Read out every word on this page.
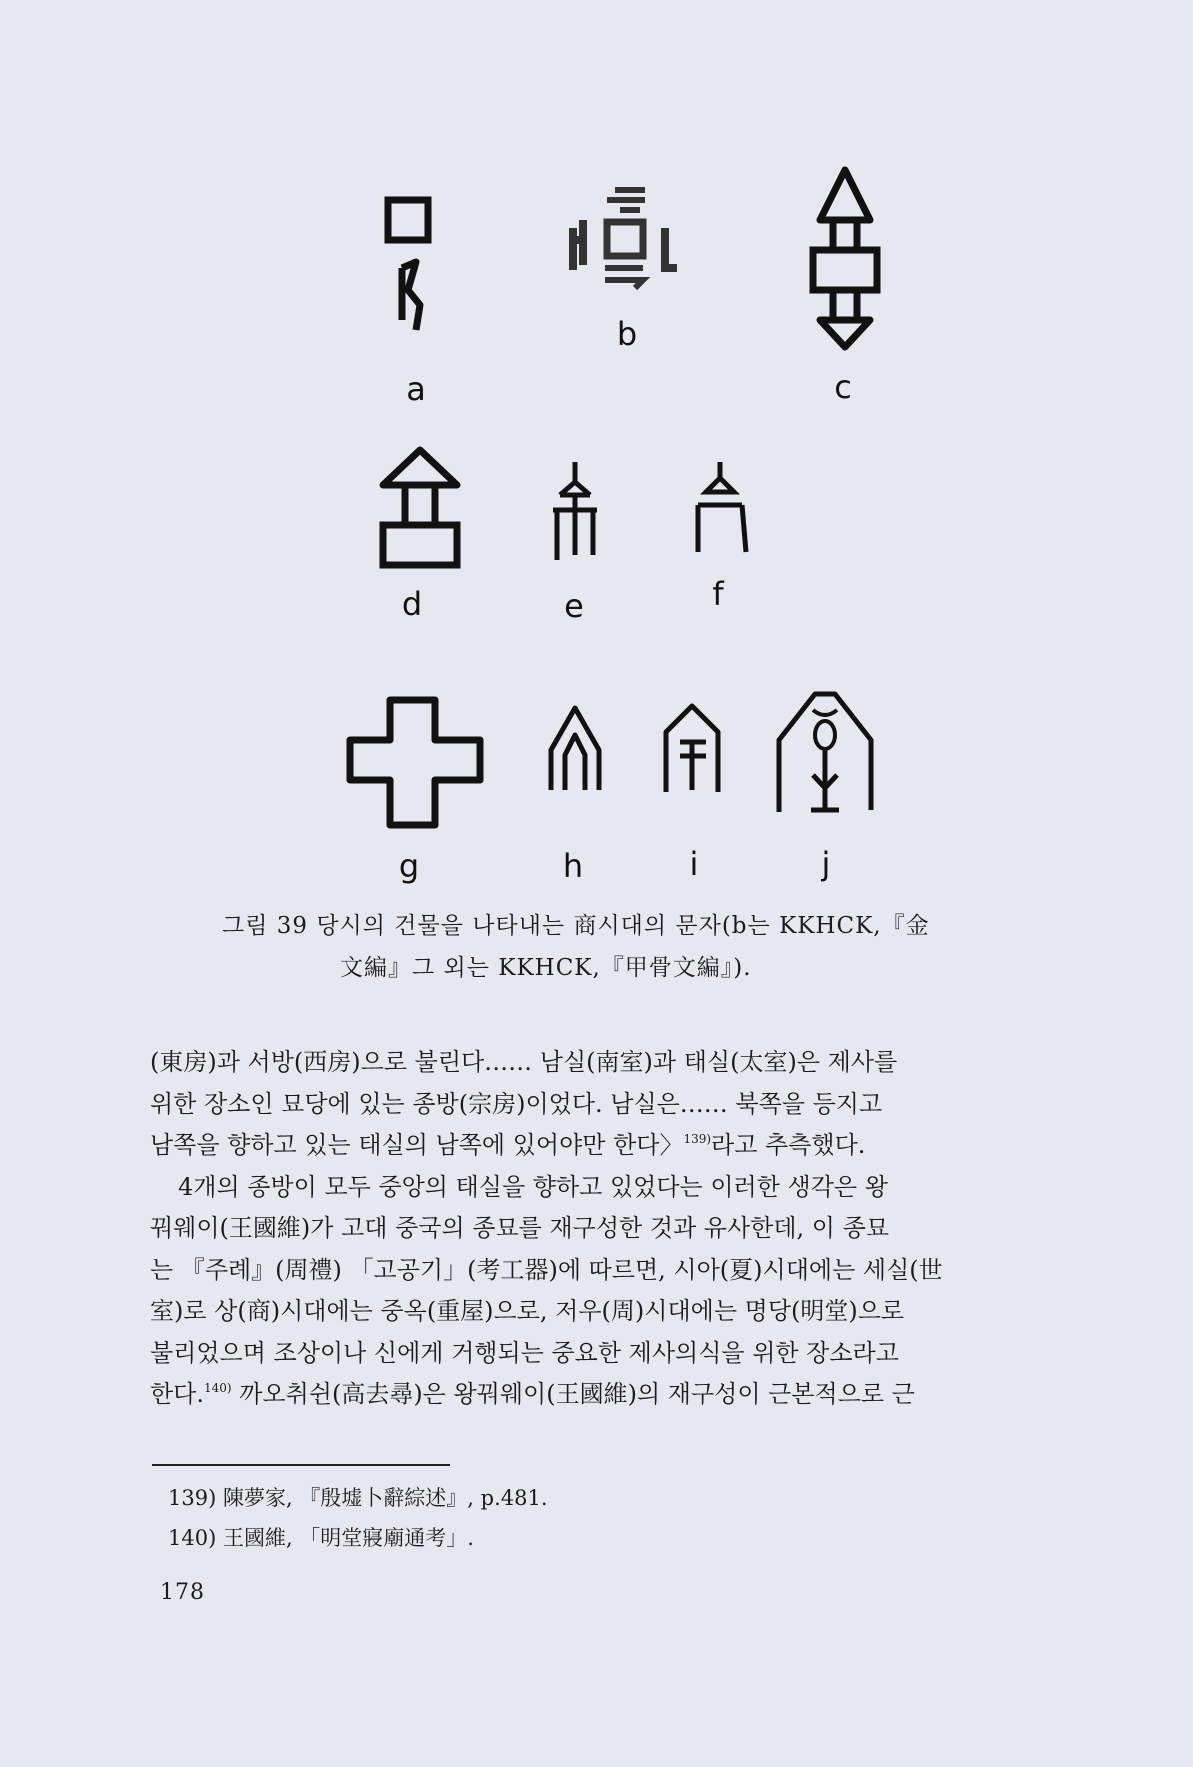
a
b
c
d	e	f
g	h	i	j
그림 39 당시의 건물을 나타내는 商시대의 문자(b는 KKHCK,『金
文編』그 외는 KKHCK,『甲骨文編』).

(東房)과 서방(西房)으로 불린다…… 남실(南室)과 태실(太室)은 제사를
위한 장소인 묘당에 있는 종방(宗房)이었다. 남실은…… 북쪽을 등지고
남쪽을 향하고 있는 태실의 남쪽에 있어야만 한다〉$^{139)}$라고 추측했다.

4개의 종방이 모두 중앙의 태실을 향하고 있었다는 이러한 생각은 왕
꿔웨이(王國維)가 고대 중국의 종묘를 재구성한 것과 유사한데, 이 종묘
는 『주례』(周禮) 「고공기」(考工器)에 따르면, 시아(夏)시대에는 세실(世
室)로 상(商)시대에는 중옥(重屋)으로, 저우(周)시대에는 명당(明堂)으로
불리었으며 조상이나 신에게 거행되는 중요한 제사의식을 위한 장소라고
한다.$^{140)}$ 까오취쉰(高去尋)은 왕꿔웨이(王國維)의 재구성이 근본적으로 근

139) 陳夢家, 『殷墟卜辭綜述』, p.481.
140) 王國維, 「明堂寢廟通考」.
178
